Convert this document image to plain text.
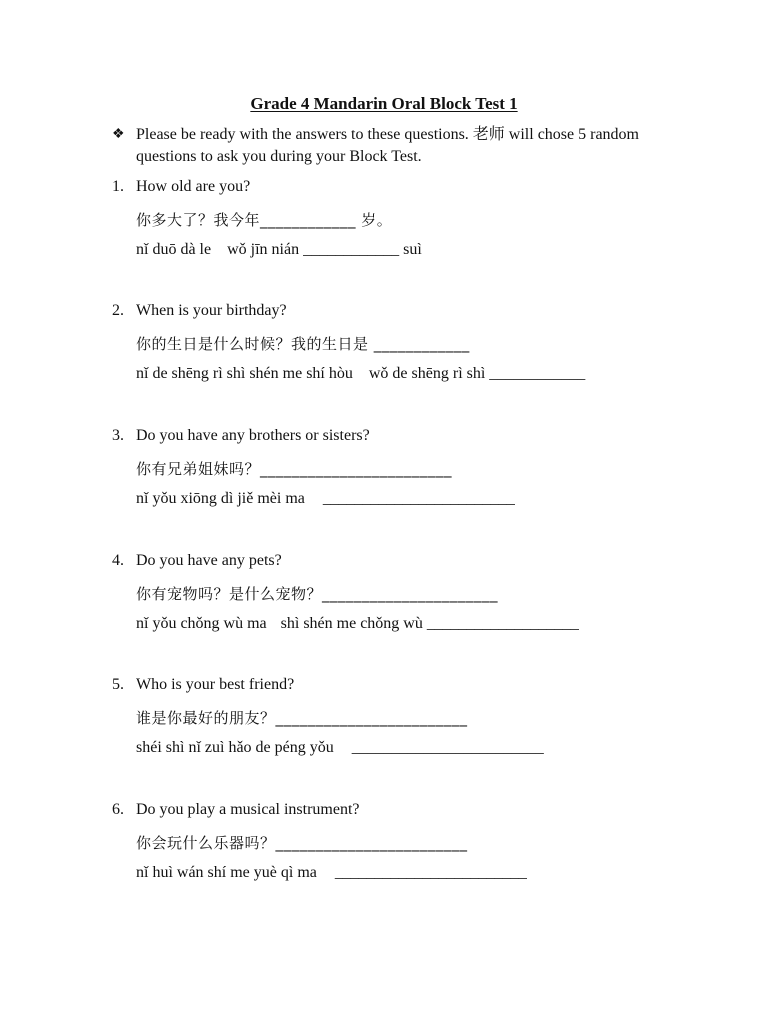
Grade 4 Mandarin Oral Block Test 1
❖ Please be ready with the answers to these questions. 老师 will chose 5 random questions to ask you during your Block Test.
1. How old are you?
你多大了？我今年____________ 岁。
nǐ duō dà le wǒ jīn nián ____________ suì
2. When is your birthday?
你的生日是什么时候？我的生日是 ____________
nǐ de shēng rì shì shén me shí hòu wǒ de shēng rì shì ____________
3. Do you have any brothers or sisters?
你有兄弟姐妹吗？________________________
nǐ yǒu xiōng dì jiě mèi ma ________________________
4. Do you have any pets?
你有宠物吗？是什么宠物？______________________
nǐ yǒu chǒng wù ma shì shén me chǒng wù ___________________
5. Who is your best friend?
谁是你最好的朋友？________________________
shéi shì nǐ zuì hǎo de péng yǒu ________________________
6. Do you play a musical instrument?
你会玩什么乐器吗？________________________
nǐ huì wán shí me yuè qì ma ________________________
